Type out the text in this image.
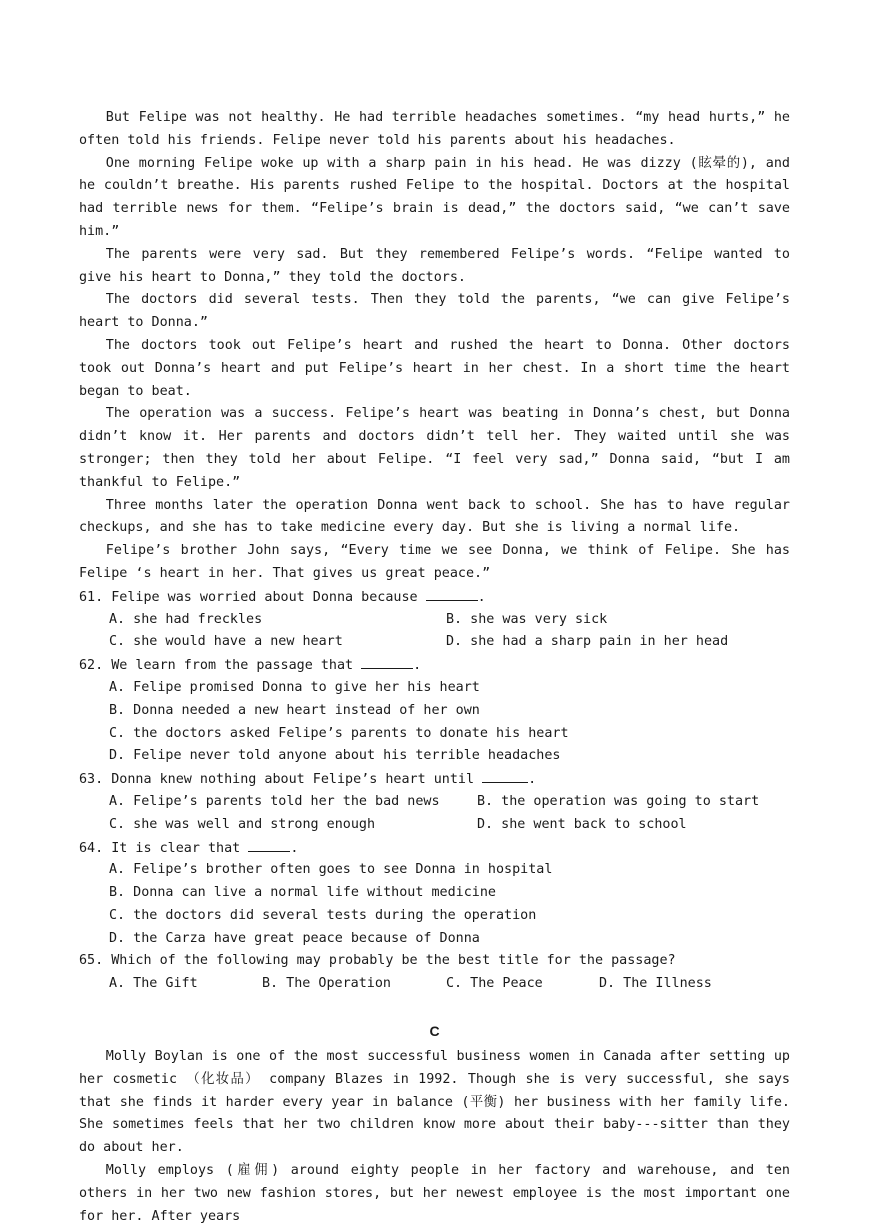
But Felipe was not healthy. He had terrible headaches sometimes. “my head hurts,” he often told his friends. Felipe never told his parents about his headaches.

One morning Felipe woke up with a sharp pain in his head. He was dizzy (眩晕的), and he couldn’t breathe. His parents rushed Felipe to the hospital. Doctors at the hospital had terrible news for them. “Felipe’s brain is dead,” the doctors said, “we can’t save him.”

The parents were very sad. But they remembered Felipe’s words. “Felipe wanted to give his heart to Donna,” they told the doctors.

The doctors did several tests. Then they told the parents, “we can give Felipe’s heart to Donna.”

The doctors took out Felipe’s heart and rushed the heart to Donna. Other doctors took out Donna’s heart and put Felipe’s heart in her chest. In a short time the heart began to beat.

The operation was a success. Felipe’s heart was beating in Donna’s chest, but Donna didn’t know it. Her parents and doctors didn’t tell her. They waited until she was stronger; then they told her about Felipe. “I feel very sad,” Donna said, “but I am thankful to Felipe.”

Three months later the operation Donna went back to school. She has to have regular checkups, and she has to take medicine every day. But she is living a normal life.

Felipe’s brother John says, “Every time we see Donna, we think of Felipe. She has Felipe ‘s heart in her. That gives us great peace.”

61. Felipe was worried about Donna because	.
A. she had freckles	B. she was very sick
C. she would have a new heart	D. she had a sharp pain in her head
62. We learn from the passage that	.
A. Felipe promised Donna to give her his heart
B. Donna needed a new heart instead of her own
C. the doctors asked Felipe’s parents to donate his heart
D. Felipe never told anyone about his terrible headaches
63. Donna knew nothing about Felipe’s heart until	.
A. Felipe’s parents told her the bad news	B. the operation was going to start
C. she was well and strong enough	D. she went back to school
64. It is clear that	.
A. Felipe’s brother often goes to see Donna in hospital
B. Donna can live a normal life without medicine
C. the doctors did several tests during the operation
D. the Carza have great peace because of Donna
65. Which of the following may probably be the best title for the passage?
A. The Gift	B. The Operation	C. The Peace	D. The Illness
C

Molly Boylan is one of the most successful business women in Canada after setting up her cosmetic （化妆品） company Blazes in 1992. Though she is very successful, she says that she finds it harder every year in balance (平衡) her business with her family life. She sometimes feels that her two children know more about their baby---sitter than they do about her.

Molly employs (雇佣) around eighty people in her factory and warehouse, and ten others in her two new fashion stores, but her newest employee is the most important one for her. After years
